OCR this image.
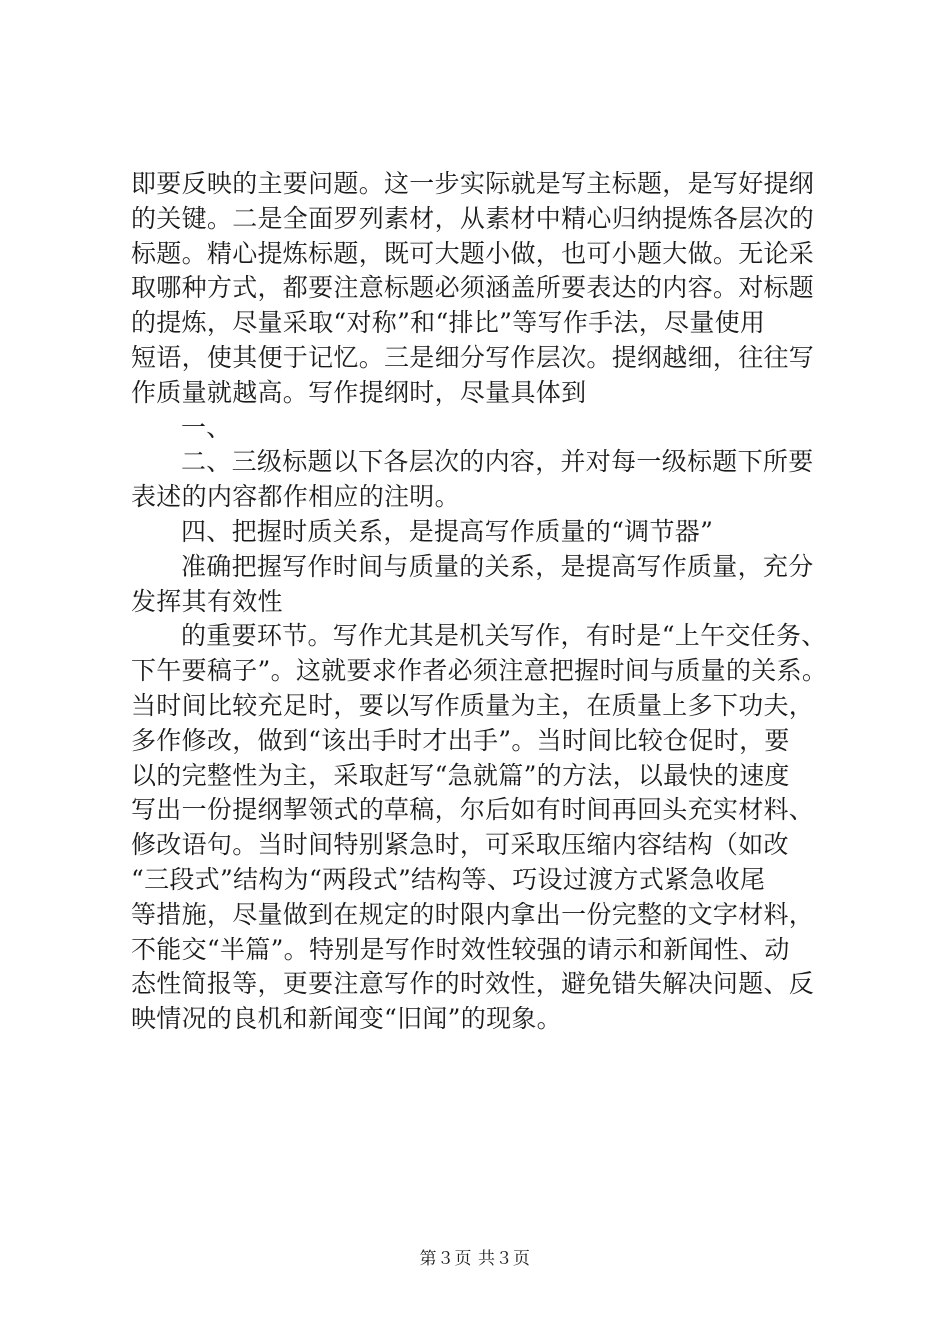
即要反映的主要问题。这一步实际就是写主标题，是写好提纲
的关键。二是全面罗列素材，从素材中精心归纳提炼各层次的
标题。精心提炼标题，既可大题小做，也可小题大做。无论采
取哪种方式，都要注意标题必须涵盖所要表达的内容。对标题
的提炼，尽量采取“对称”和“排比”等写作手法，尽量使用
短语，使其便于记忆。三是细分写作层次。提纲越细，往往写
作质量就越高。写作提纲时，尽量具体到
一、
二、三级标题以下各层次的内容，并对每一级标题下所要
表述的内容都作相应的注明。
四、把握时质关系，是提高写作质量的“调节器”
准确把握写作时间与质量的关系，是提高写作质量，充分
发挥其有效性
的重要环节。写作尤其是机关写作，有时是“上午交任务、
下午要稿子”。这就要求作者必须注意把握时间与质量的关系。
当时间比较充足时，要以写作质量为主，在质量上多下功夫，
多作修改，做到“该出手时才出手”。当时间比较仓促时，要
以的完整性为主，采取赶写“急就篇”的方法，以最快的速度
写出一份提纲挈领式的草稿，尔后如有时间再回头充实材料、
修改语句。当时间特别紧急时，可采取压缩内容结构（如改
“三段式”结构为“两段式”结构等、巧设过渡方式紧急收尾
等措施，尽量做到在规定的时限内拿出一份完整的文字材料，
不能交“半篇”。特别是写作时效性较强的请示和新闻性、动
态性简报等，更要注意写作的时效性，避免错失解决问题、反
映情况的良机和新闻变“旧闻”的现象。
第３页 共３页
